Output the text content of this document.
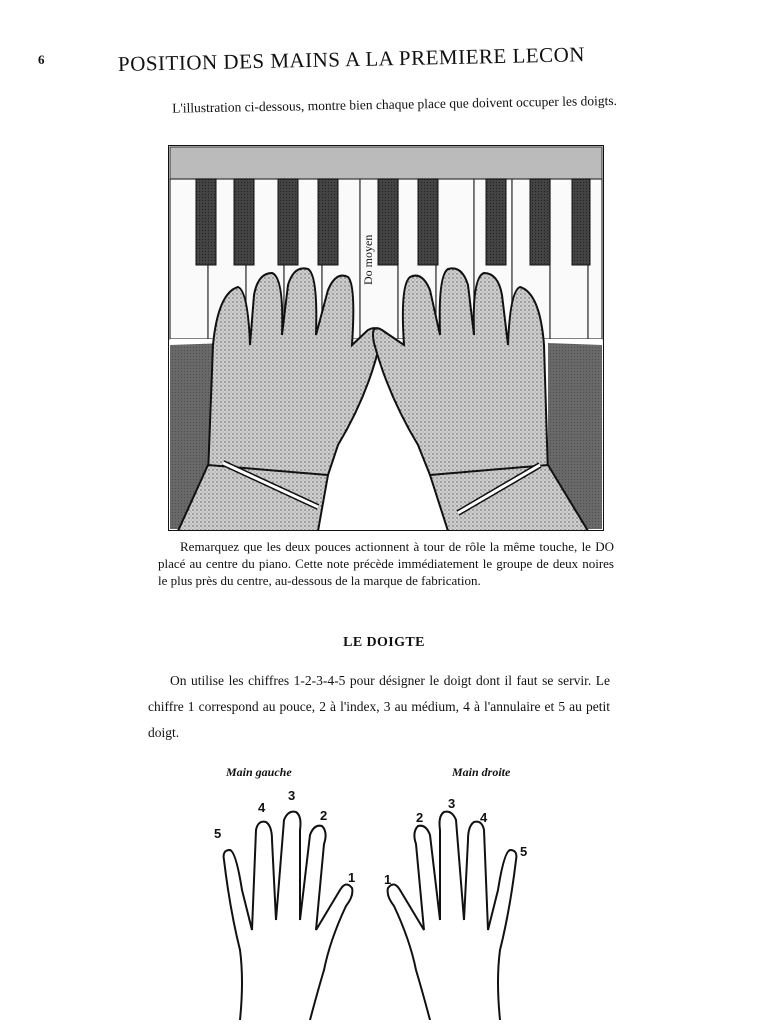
6	POSITION DES MAINS A LA PREMIERE LECON
L'illustration ci-dessous, montre bien chaque place que doivent occuper les doigts.
Do moyen
Remarquez que les deux pouces actionnent à tour de rôle la même touche, le DO placé au centre du piano. Cette note précède immédiatement le groupe de deux noires le plus près du centre, au-dessous de la marque de fabrication.
LE DOIGTE
On utilise les chiffres 1-2-3-4-5 pour désigner le doigt dont il faut se servir. Le chiffre 1 correspond au pouce, 2 à l'index, 3 au médium, 4 à l'annulaire et 5 au petit doigt.
Main gauche	Main droite
5
4
3
2
1 1
2
3
4
5
